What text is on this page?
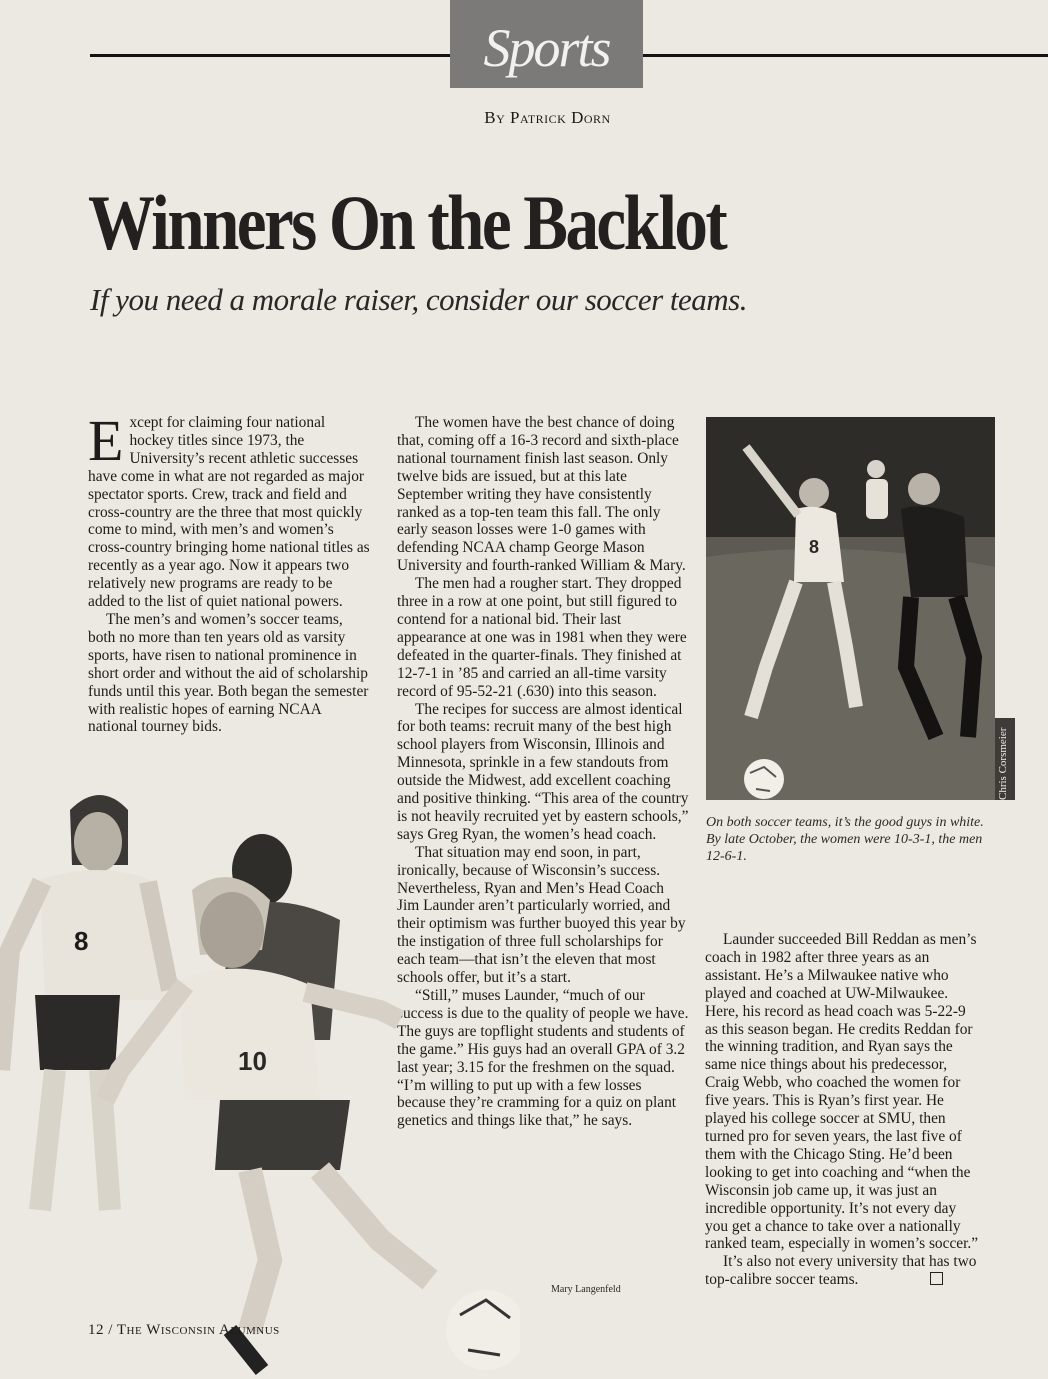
Sports
By Patrick Dorn
Winners On the Backlot
If you need a morale raiser, consider our soccer teams.

Except for claiming four national hockey titles since 1973, the University’s recent athletic successes have come in what are not regarded as major spectator sports. Crew, track and field and cross-country are the three that most quickly come to mind, with men’s and women’s cross-country bringing home national titles as recently as a year ago. Now it appears two relatively new programs are ready to be added to the list of quiet national powers.

The men’s and women’s soccer teams, both no more than ten years old as varsity sports, have risen to national prominence in short order and without the aid of scholarship funds until this year. Both began the semester with realistic hopes of earning NCAA national tourney bids.

The women have the best chance of doing that, coming off a 16-3 record and sixth-place national tournament finish last season. Only twelve bids are issued, but at this late September writing they have consistently ranked as a top-ten team this fall. The only early season losses were 1-0 games with defending NCAA champ George Mason University and fourth-ranked William & Mary.

The men had a rougher start. They dropped three in a row at one point, but still figured to contend for a national bid. Their last appearance at one was in 1981 when they were defeated in the quarter-finals. They finished at 12-7-1 in ’85 and carried an all-time varsity record of 95-52-21 (.630) into this season.

The recipes for success are almost identical for both teams: recruit many of the best high school players from Wisconsin, Illinois and Minnesota, sprinkle in a few standouts from outside the Midwest, add excellent coaching and positive thinking. “This area of the country is not heavily recruited yet by eastern schools,” says Greg Ryan, the women’s head coach.

That situation may end soon, in part, ironically, because of Wisconsin’s success. Nevertheless, Ryan and Men’s Head Coach Jim Launder aren’t particularly worried, and their optimism was further buoyed this year by the instigation of three full scholarships for each team—that isn’t the eleven that most schools offer, but it’s a start.

“Still,” muses Launder, “much of our success is due to the quality of people we have. The guys are topflight students and students of the game.” His guys had an overall GPA of 3.2 last year; 3.15 for the freshmen on the squad. “I’m willing to put up with a few losses because they’re cramming for a quiz on plant genetics and things like that,” he says.

8
Chris Corsmeier
On both soccer teams, it’s the good guys in white. By late October, the women were 10-3-1, the men 12-6-1.

Launder succeeded Bill Reddan as men’s coach in 1982 after three years as an assistant. He’s a Milwaukee native who played and coached at UW-Milwaukee. Here, his record as head coach was 5-22-9 as this season began. He credits Reddan for the winning tradition, and Ryan says the same nice things about his predecessor, Craig Webb, who coached the women for five years. This is Ryan’s first year. He played his college soccer at SMU, then turned pro for seven years, the last five of them with the Chicago Sting. He’d been looking to get into coaching and “when the Wisconsin job came up, it was just an incredible opportunity. It’s not every day you get a chance to take over a nationally ranked team, especially in women’s soccer.”

It’s also not every university that has two top-calibre soccer teams.

8
10
Mary Langenfeld
12 / The Wisconsin Alumnus
